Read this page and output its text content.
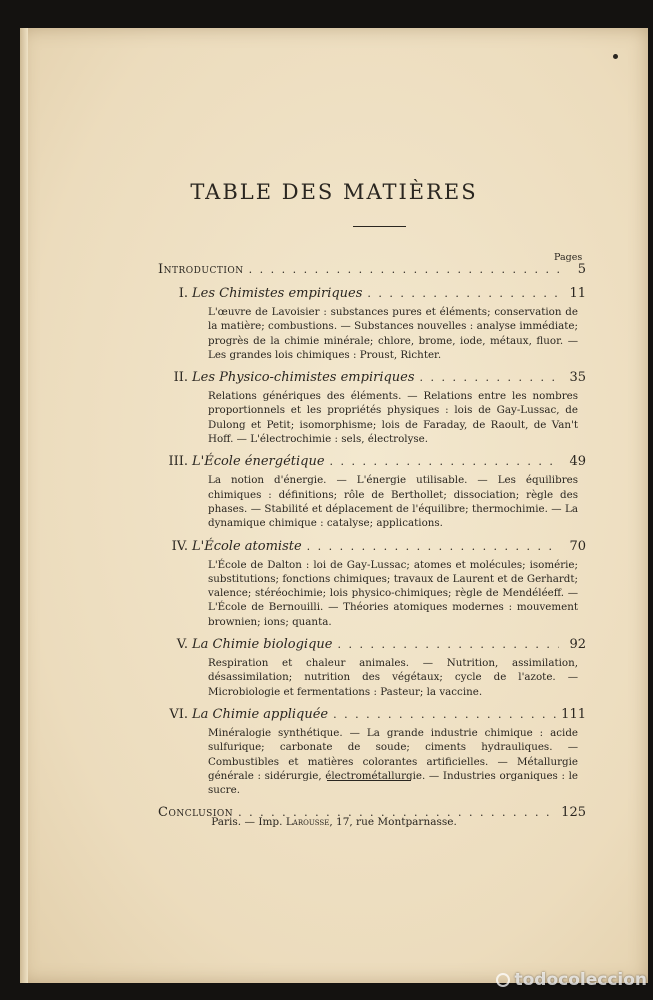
TABLE DES MATIÈRES
Pages
Introduction . . .	5
I. Les Chimistes empiriques . . .	11
L'œuvre de Lavoisier : substances pures et éléments; conservation de la matière; combustions. — Substances nouvelles : analyse immédiate; progrès de la chimie minérale; chlore, brome, iode, métaux, fluor. — Les grandes lois chimiques : Proust, Richter.
II. Les Physico-chimistes empiriques . . .	35
Relations génériques des éléments. — Relations entre les nombres proportionnels et les propriétés physiques : lois de Gay-Lussac, de Dulong et Petit; isomorphisme; lois de Faraday, de Raoult, de Van't Hoff. — L'électrochimie : sels, électrolyse.
III. L'École énergétique . . .	49
La notion d'énergie. — L'énergie utilisable. — Les équilibres chimiques : définitions; rôle de Berthollet; dissociation; règle des phases. — Stabilité et déplacement de l'équilibre; thermochimie. — La dynamique chimique : catalyse; applications.
IV. L'École atomiste . . .	70
L'École de Dalton : loi de Gay-Lussac; atomes et molécules; isomérie; substitutions; fonctions chimiques; travaux de Laurent et de Gerhardt; valence; stéréochimie; lois physico-chimiques; règle de Mendéléeff. — L'École de Bernouilli. — Théories atomiques modernes : mouvement brownien; ions; quanta.
V. La Chimie biologique . . .	92
Respiration et chaleur animales. — Nutrition, assimilation, désassimilation; nutrition des végétaux; cycle de l'azote. — Microbiologie et fermentations : Pasteur; la vaccine.
VI. La Chimie appliquée . . .	111
Minéralogie synthétique. — La grande industrie chimique : acide sulfurique; carbonate de soude; ciments hydrauliques. — Combustibles et matières colorantes artificielles. — Métallurgie générale : sidérurgie, électrométallurgie. — Industries organiques : le sucre.
Conclusion . . .	125
Paris. — Imp. Larousse, 17, rue Montparnasse.
todocoleccion
